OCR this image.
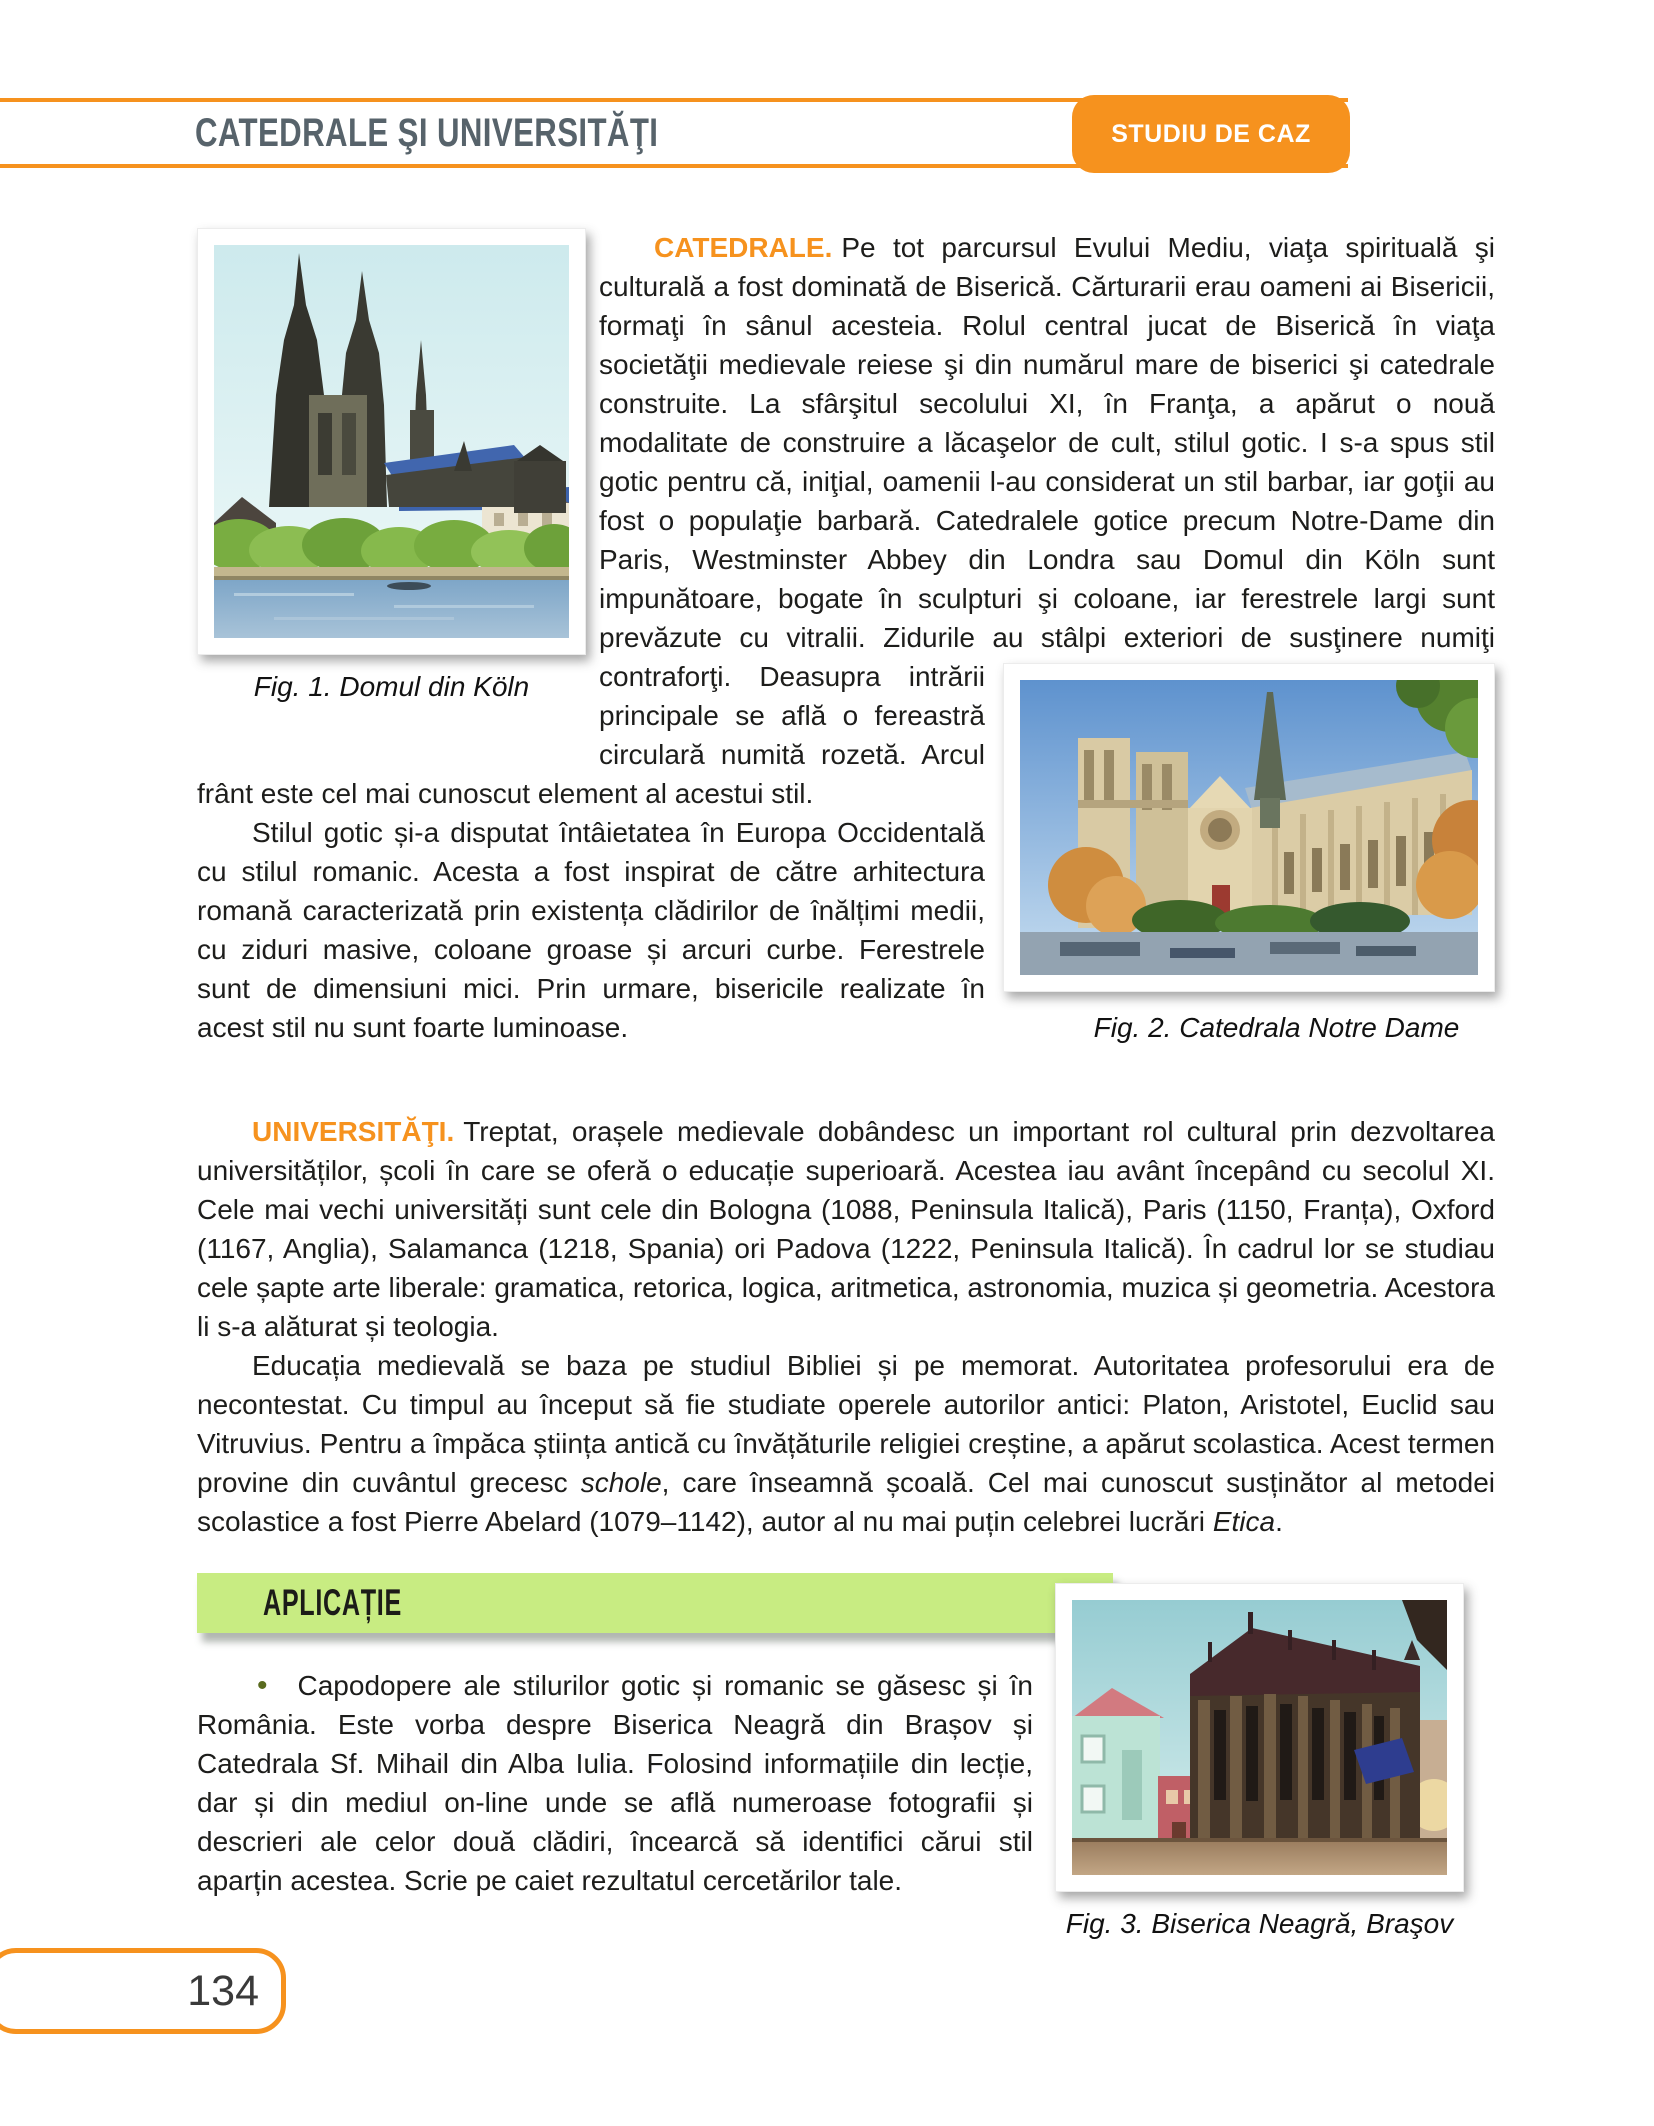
CATEDRALE ŞI UNIVERSITĂŢI	STUDIU DE CAZ
Fig. 1. Domul din Köln

CATEDRALE. Pe tot parcursul Evului Mediu, viaţa spirituală şi culturală a fost dominată de Biserică. Cărturarii erau oameni ai Bisericii, formaţi în sânul acesteia. Rolul central jucat de Biserică în viaţa societăţii medievale reiese şi din numărul mare de biserici şi catedrale construite. La sfârşitul secolului XI, în Franţa, a apărut o nouă modalitate de construire a lăcaşelor de cult, stilul gotic. I s-a spus stil gotic pentru că, iniţial, oamenii l-au considerat un stil barbar, iar goţii au fost o populaţie barbară. Catedralele gotice precum Notre-Dame din Paris, Westminster Abbey din Londra sau Domul din Köln sunt impunătoare, bogate în sculpturi şi coloane, iar ferestrele largi sunt prevăzute cu vitralii. Zidurile au stâlpi exteriori de susţinere numiţi
Fig. 2. Catedrala Notre Dame
contraforţi. Deasupra intrării principale se află o fereastră circulară numită rozetă. Arcul frânt este cel mai cunoscut element al acestui stil.

Stilul gotic și-a disputat întâietatea în Europa Occidentală cu stilul romanic. Acesta a fost inspirat de către arhitectura romană caracterizată prin existența clădirilor de înălțimi medii, cu ziduri masive, coloane groase și arcuri curbe. Ferestrele sunt de dimensiuni mici. Prin urmare, bisericile realizate în acest stil nu sunt foarte luminoase.

UNIVERSITĂŢI. Treptat, orașele medievale dobândesc un important rol cultural prin dezvoltarea universităților, școli în care se oferă o educație superioară. Acestea iau avânt începând cu secolul XI. Cele mai vechi universități sunt cele din Bologna (1088, Peninsula Italică), Paris (1150, Franța), Oxford (1167, Anglia), Salamanca (1218, Spania) ori Padova (1222, Peninsula Italică). În cadrul lor se studiau cele șapte arte liberale: gramatica, retorica, logica, aritmetica, astronomia, muzica și geometria. Acestora li s-a alăturat și teologia.

Educația medievală se baza pe studiul Bibliei și pe memorat. Autoritatea profesorului era de necontestat. Cu timpul au început să fie studiate operele autorilor antici: Platon, Aristotel, Euclid sau Vitruvius. Pentru a împăca știința antică cu învățăturile religiei creștine, a apărut scolastica. Acest termen provine din cuvântul grecesc schole, care înseamnă școală. Cel mai cunoscut susținător al metodei scolastice a fost Pierre Abelard (1079–1142), autor al nu mai puțin celebrei lucrări Etica.

APLICAȚIE

• Capodopere ale stilurilor gotic și romanic se găsesc și în România. Este vorba despre Biserica Neagră din Brașov și Catedrala Sf. Mihail din Alba Iulia. Folosind informațiile din lecție, dar și din mediul on-line unde se află numeroase fotografii și descrieri ale celor două clădiri, încearcă să identifici cărui stil aparțin acestea. Scrie pe caiet rezultatul cercetărilor tale.

Fig. 3. Biserica Neagră, Braşov
134
